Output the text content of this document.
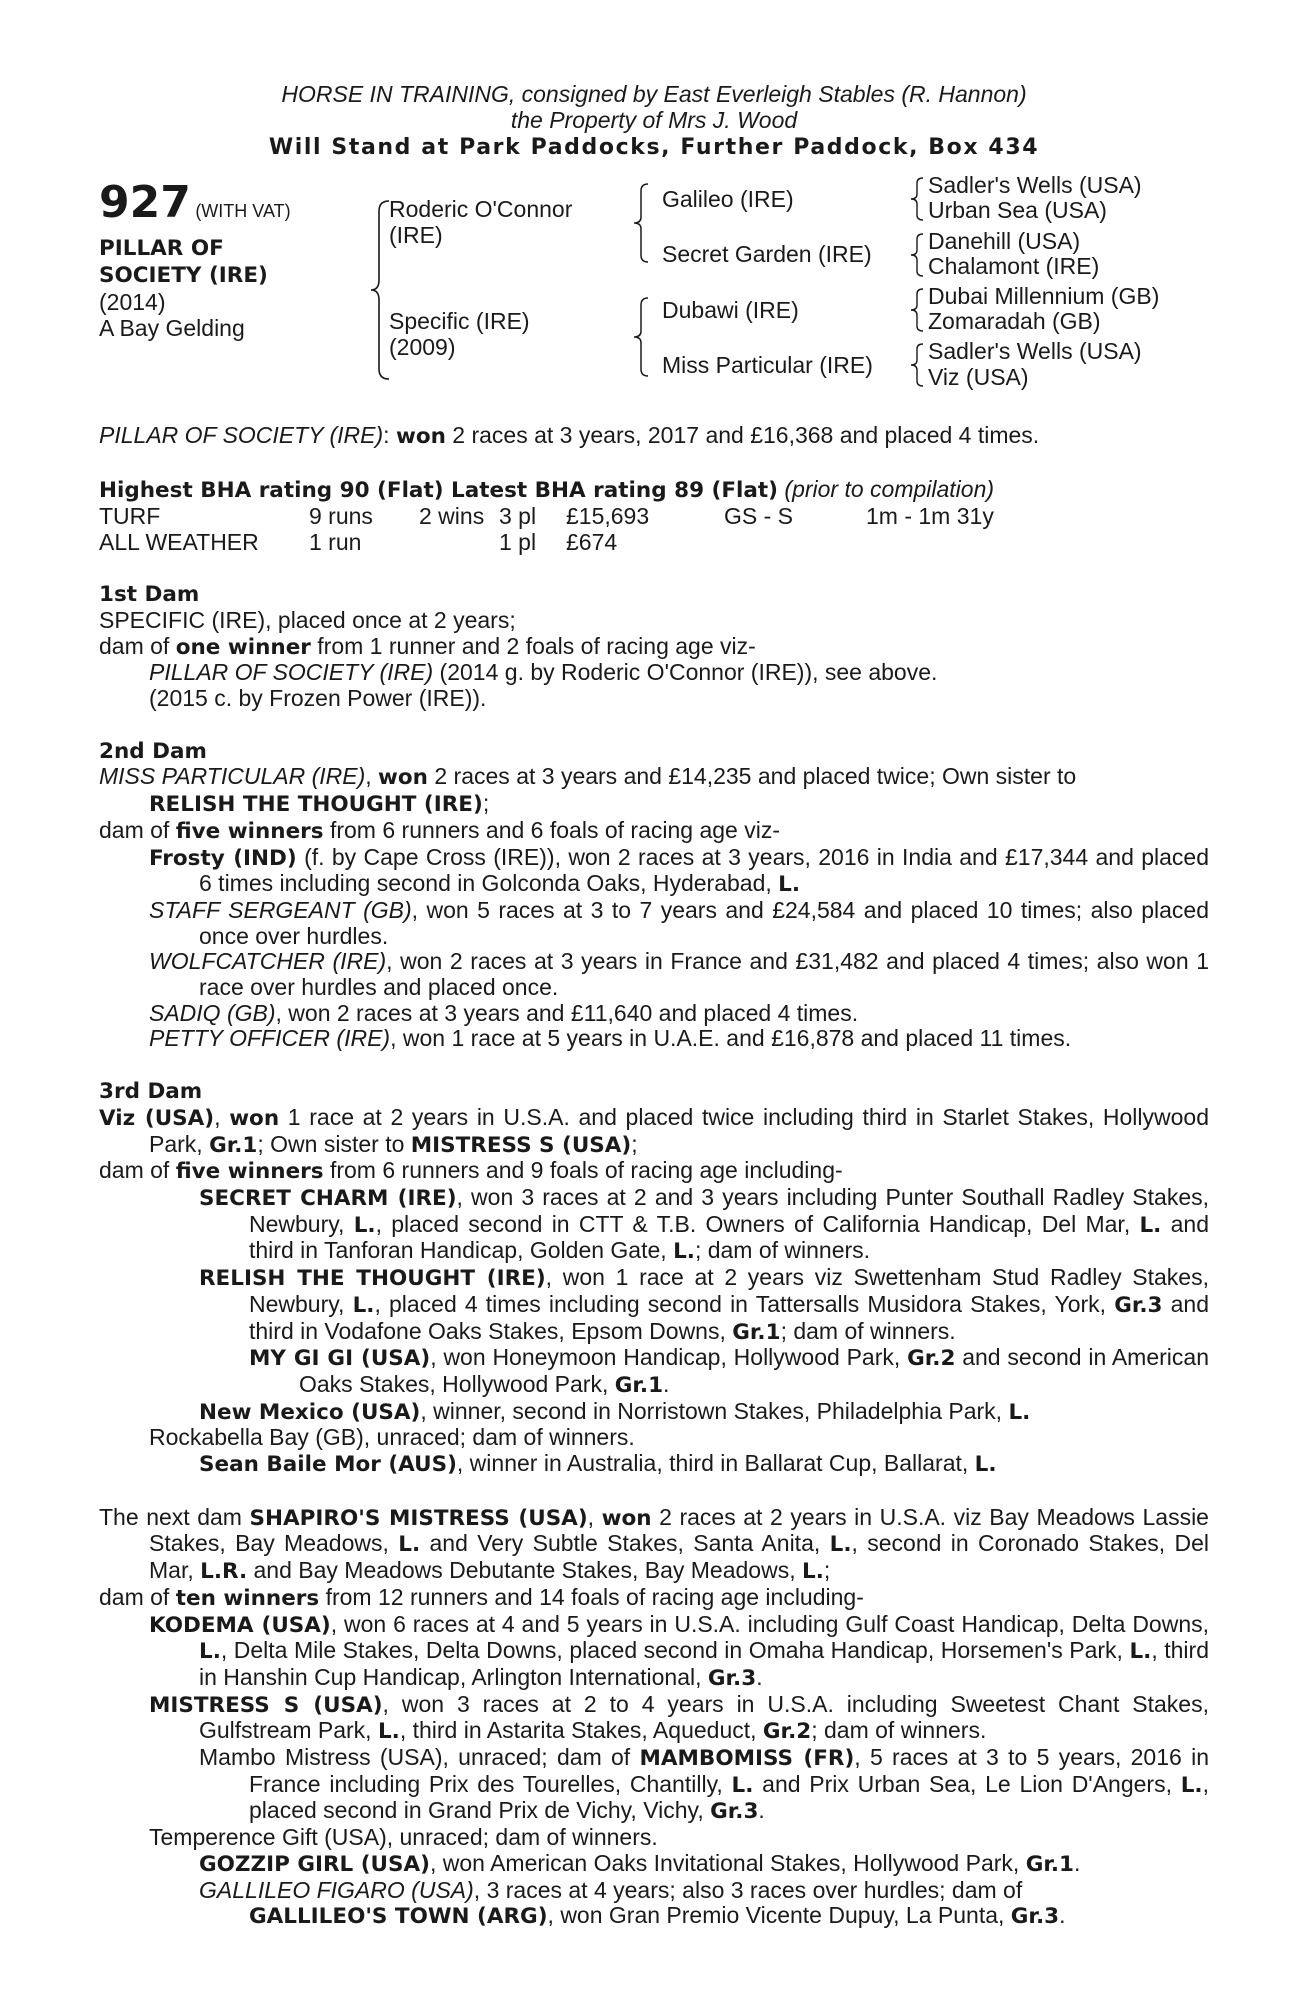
HORSE IN TRAINING, consigned by East Everleigh Stables (R. Hannon)
the Property of Mrs J. Wood
Will Stand at Park Paddocks, Further Paddock, Box 434
927 (WITH VAT)
PILLAR OF
SOCIETY (IRE)
(2014)
A Bay Gelding
Roderic O'Connor
(IRE)
Specific (IRE)
(2009)
Galileo (IRE)
Secret Garden (IRE)
Dubawi (IRE)
Miss Particular (IRE)
Sadler's Wells (USA)
Urban Sea (USA)
Danehill (USA)
Chalamont (IRE)
Dubai Millennium (GB)
Zomaradah (GB)
Sadler's Wells (USA)
Viz (USA)
PILLAR OF SOCIETY (IRE): won 2 races at 3 years, 2017 and £16,368 and placed 4 times.
Highest BHA rating 90 (Flat) Latest BHA rating 89 (Flat) (prior to compilation)
TURF	9 runs	2 wins 3 pl	£15,693	GS - S	1m - 1m 31y
ALL WEATHER	1 run	1 pl	£674
1st Dam
SPECIFIC (IRE), placed once at 2 years;
dam of one winner from 1 runner and 2 foals of racing age viz-
PILLAR OF SOCIETY (IRE) (2014 g. by Roderic O'Connor (IRE)), see above.
(2015 c. by Frozen Power (IRE)).
2nd Dam
MISS PARTICULAR (IRE), won 2 races at 3 years and £14,235 and placed twice; Own sister to
RELISH THE THOUGHT (IRE);
dam of five winners from 6 runners and 6 foals of racing age viz-
Frosty (IND) (f. by Cape Cross (IRE)), won 2 races at 3 years, 2016 in India and £17,344 and placed 6 times including second in Golconda Oaks, Hyderabad, L.
STAFF SERGEANT (GB), won 5 races at 3 to 7 years and £24,584 and placed 10 times; also placed once over hurdles.
WOLFCATCHER (IRE), won 2 races at 3 years in France and £31,482 and placed 4 times; also won 1 race over hurdles and placed once.
SADIQ (GB), won 2 races at 3 years and £11,640 and placed 4 times.
PETTY OFFICER (IRE), won 1 race at 5 years in U.A.E. and £16,878 and placed 11 times.
3rd Dam
Viz (USA), won 1 race at 2 years in U.S.A. and placed twice including third in Starlet Stakes, Hollywood Park, Gr.1; Own sister to MISTRESS S (USA);
dam of five winners from 6 runners and 9 foals of racing age including-
SECRET CHARM (IRE), won 3 races at 2 and 3 years including Punter Southall Radley Stakes, Newbury, L., placed second in CTT & T.B. Owners of California Handicap, Del Mar, L. and third in Tanforan Handicap, Golden Gate, L.; dam of winners.
RELISH THE THOUGHT (IRE), won 1 race at 2 years viz Swettenham Stud Radley Stakes, Newbury, L., placed 4 times including second in Tattersalls Musidora Stakes, York, Gr.3 and third in Vodafone Oaks Stakes, Epsom Downs, Gr.1; dam of winners.
MY GI GI (USA), won Honeymoon Handicap, Hollywood Park, Gr.2 and second in American Oaks Stakes, Hollywood Park, Gr.1.
New Mexico (USA), winner, second in Norristown Stakes, Philadelphia Park, L.
Rockabella Bay (GB), unraced; dam of winners.
Sean Baile Mor (AUS), winner in Australia, third in Ballarat Cup, Ballarat, L.
The next dam SHAPIRO'S MISTRESS (USA), won 2 races at 2 years in U.S.A. viz Bay Meadows Lassie Stakes, Bay Meadows, L. and Very Subtle Stakes, Santa Anita, L., second in Coronado Stakes, Del Mar, L.R. and Bay Meadows Debutante Stakes, Bay Meadows, L.;
dam of ten winners from 12 runners and 14 foals of racing age including-
KODEMA (USA), won 6 races at 4 and 5 years in U.S.A. including Gulf Coast Handicap, Delta Downs, L., Delta Mile Stakes, Delta Downs, placed second in Omaha Handicap, Horsemen's Park, L., third in Hanshin Cup Handicap, Arlington International, Gr.3.
MISTRESS S (USA), won 3 races at 2 to 4 years in U.S.A. including Sweetest Chant Stakes, Gulfstream Park, L., third in Astarita Stakes, Aqueduct, Gr.2; dam of winners.
Mambo Mistress (USA), unraced; dam of MAMBOMISS (FR), 5 races at 3 to 5 years, 2016 in France including Prix des Tourelles, Chantilly, L. and Prix Urban Sea, Le Lion D'Angers, L., placed second in Grand Prix de Vichy, Vichy, Gr.3.
Temperence Gift (USA), unraced; dam of winners.
GOZZIP GIRL (USA), won American Oaks Invitational Stakes, Hollywood Park, Gr.1.
GALLILEO FIGARO (USA), 3 races at 4 years; also 3 races over hurdles; dam of
GALLILEO'S TOWN (ARG), won Gran Premio Vicente Dupuy, La Punta, Gr.3.
